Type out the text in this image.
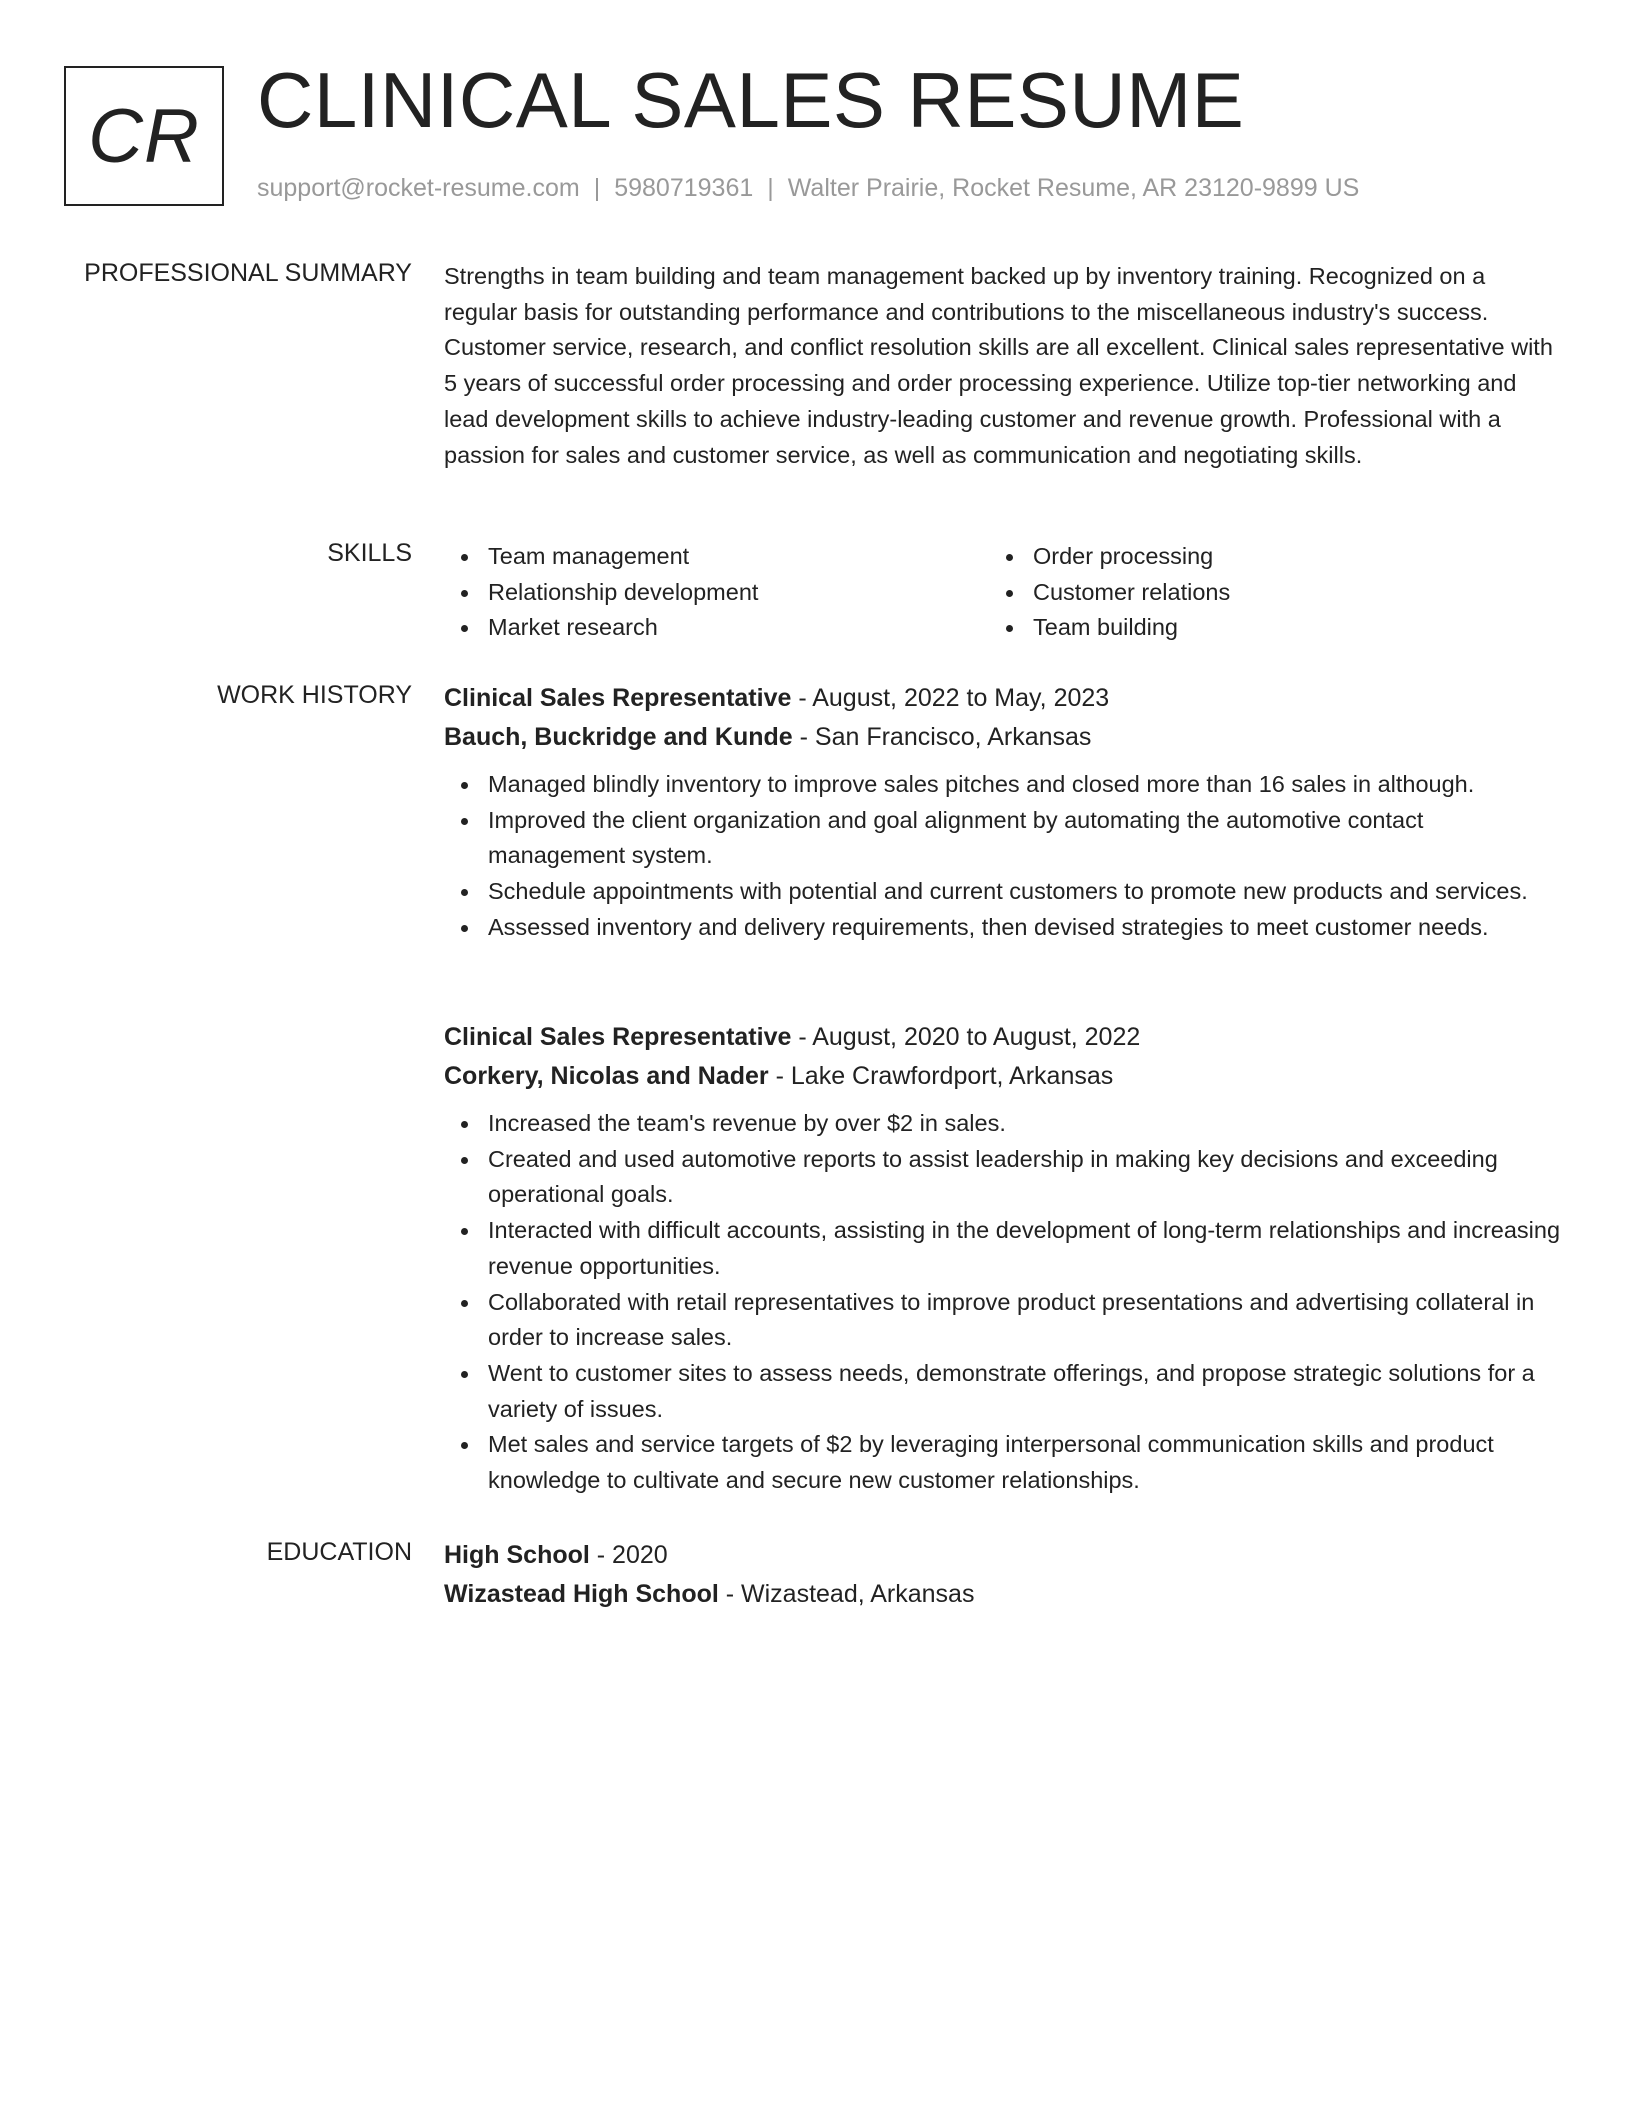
CR CLINICAL SALES RESUME
support@rocket-resume.com | 5980719361 | Walter Prairie, Rocket Resume, AR 23120-9899 US
PROFESSIONAL SUMMARY Strengths in team building and team management backed up by inventory training. Recognized on a regular basis for outstanding performance and contributions to the miscellaneous industry's success. Customer service, research, and conflict resolution skills are all excellent. Clinical sales representative with 5 years of successful order processing and order processing experience. Utilize top-tier networking and lead development skills to achieve industry-leading customer and revenue growth. Professional with a passion for sales and customer service, as well as communication and negotiating skills.
SKILLS	Team management
Relationship development
Market research
Order processing
Customer relations
Team building
WORK HISTORY Clinical Sales Representative - August, 2022 to May, 2023
Bauch, Buckridge and Kunde - San Francisco, Arkansas
Managed blindly inventory to improve sales pitches and closed more than 16 sales in although.
Improved the client organization and goal alignment by automating the automotive contact management system.
Schedule appointments with potential and current customers to promote new products and services.
Assessed inventory and delivery requirements, then devised strategies to meet customer needs.
Clinical Sales Representative - August, 2020 to August, 2022
Corkery, Nicolas and Nader - Lake Crawfordport, Arkansas
Increased the team's revenue by over $2 in sales.
Created and used automotive reports to assist leadership in making key decisions and exceeding operational goals.
Interacted with difficult accounts, assisting in the development of long-term relationships and increasing revenue opportunities.
Collaborated with retail representatives to improve product presentations and advertising collateral in order to increase sales.
Went to customer sites to assess needs, demonstrate offerings, and propose strategic solutions for a variety of issues.
Met sales and service targets of $2 by leveraging interpersonal communication skills and product knowledge to cultivate and secure new customer relationships.
EDUCATION High School - 2020
Wizastead High School - Wizastead, Arkansas
